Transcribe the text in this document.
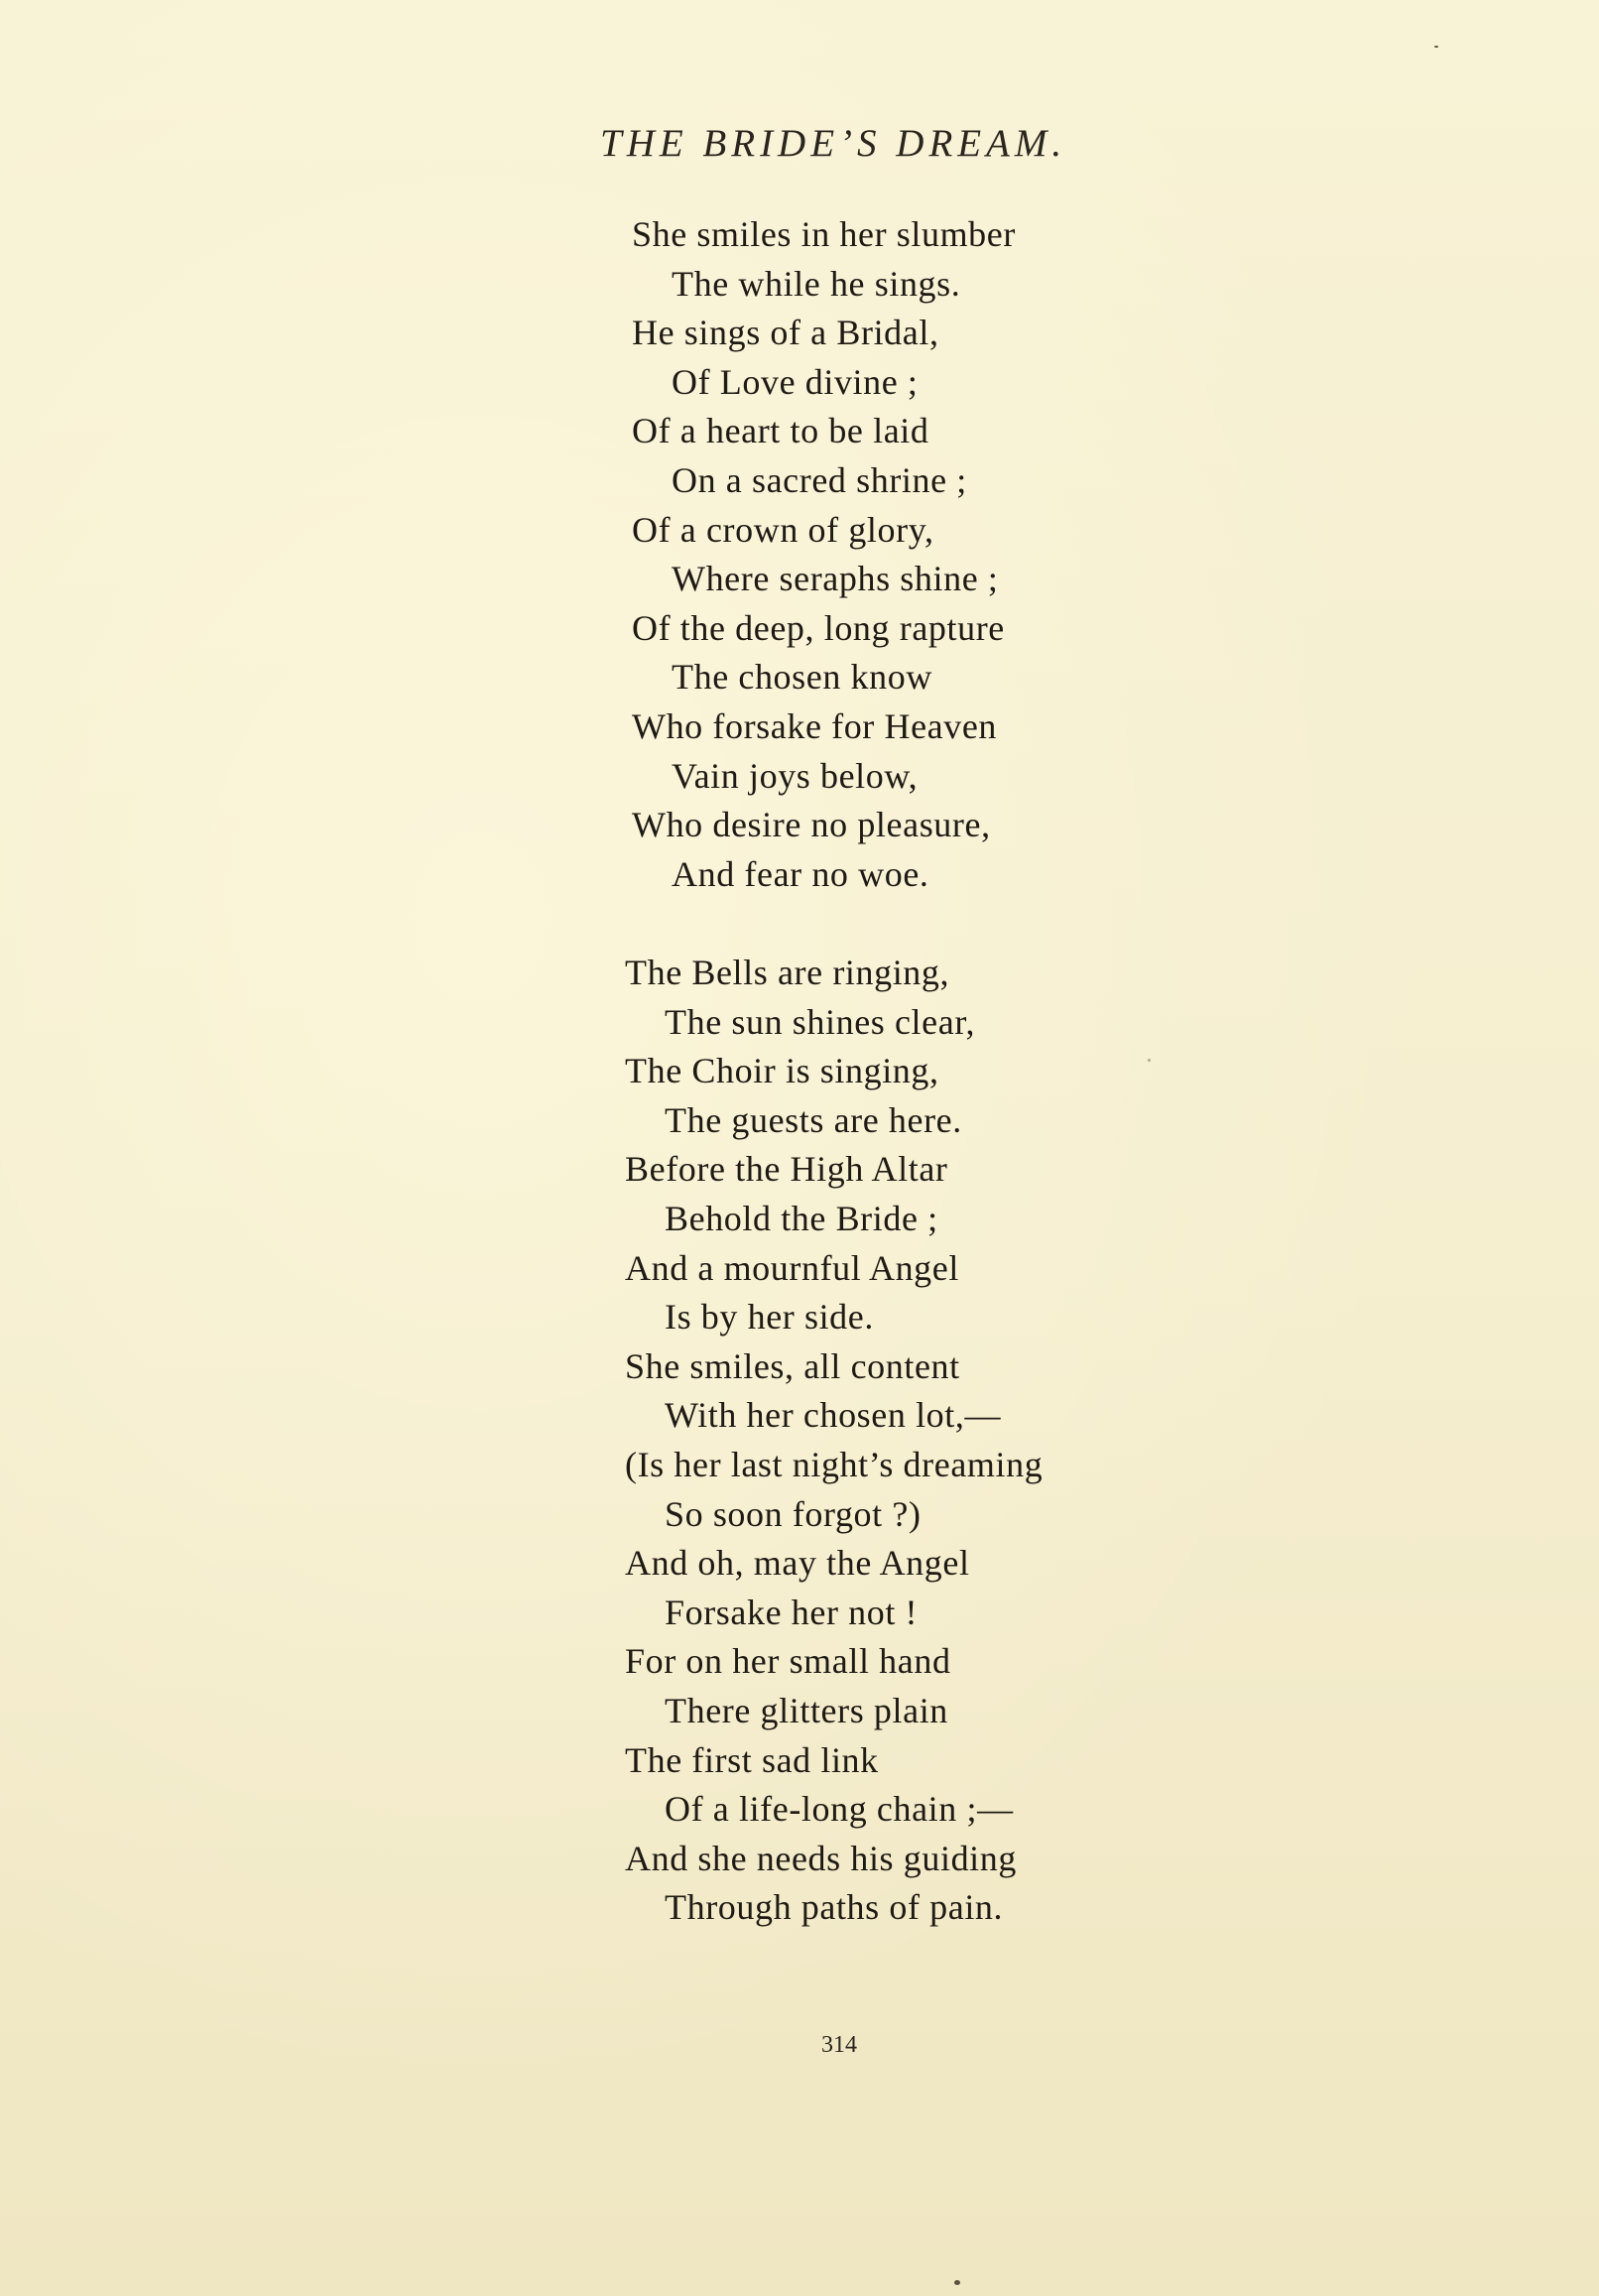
THE BRIDE’S DREAM.
She smiles in her slumber
The while he sings.
He sings of a Bridal,
Of Love divine ;
Of a heart to be laid
On a sacred shrine ;
Of a crown of glory,
Where seraphs shine ;
Of the deep, long rapture
The chosen know
Who forsake for Heaven
Vain joys below,
Who desire no pleasure,
And fear no woe.
The Bells are ringing,
The sun shines clear,
The Choir is singing,
The guests are here.
Before the High Altar
Behold the Bride ;
And a mournful Angel
Is by her side.
She smiles, all content
With her chosen lot,—
(Is her last night’s dreaming
So soon forgot ?)
And oh, may the Angel
Forsake her not !
For on her small hand
There glitters plain
The first sad link
Of a life-long chain ;—
And she needs his guiding
Through paths of pain.
314
